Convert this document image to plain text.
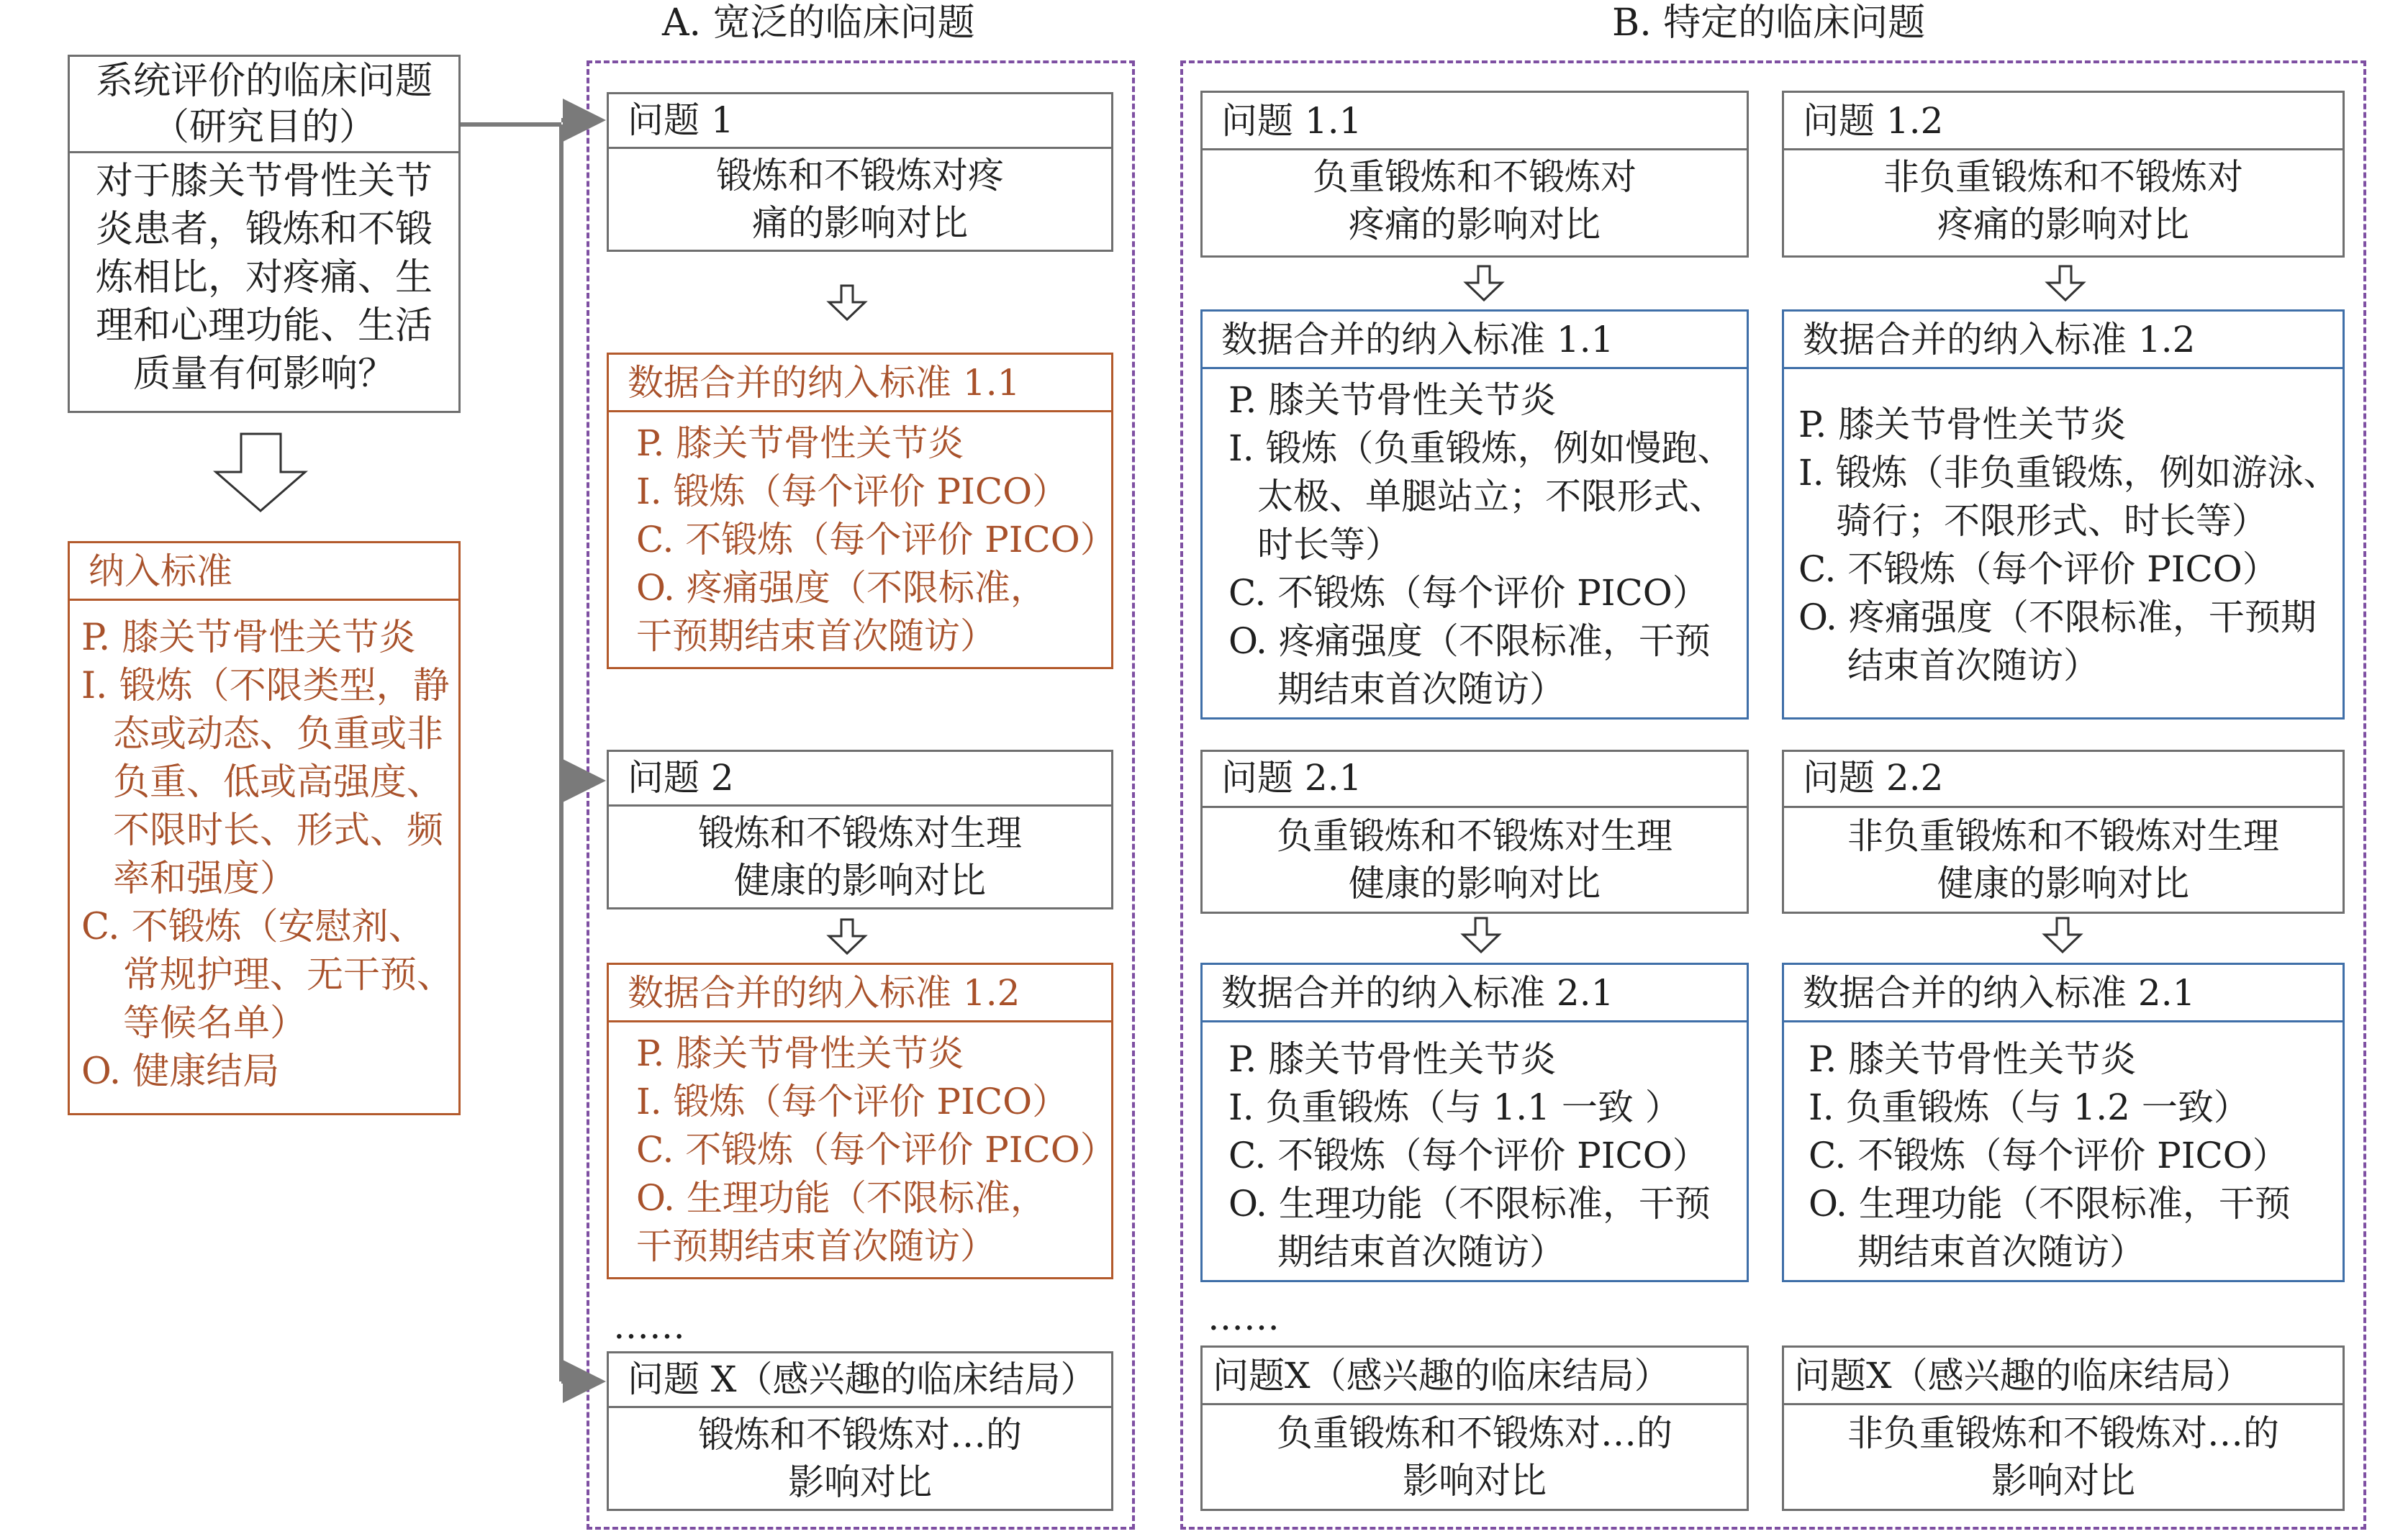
A. 宽泛的临床问题	B. 特定的临床问题
系统评价的临床问题
（研究目的）
对于膝关节骨性关节
炎患者，锻炼和不锻
炼相比，对疼痛、生
理和心理功能、生活
质量有何影响？
纳入标准
P. 膝关节骨性关节炎
I. 锻炼（不限类型，静
态或动态、负重或非
负重、低或高强度、
不限时长、形式、频
率和强度）
C. 不锻炼（安慰剂、
常规护理、无干预、
等候名单）
O. 健康结局
问题 1
锻炼和不锻炼对疼
痛的影响对比
数据合并的纳入标准 1.1
P. 膝关节骨性关节炎
I. 锻炼（每个评价 PICO）
C. 不锻炼（每个评价 PICO）
O. 疼痛强度（不限标准，
干预期结束首次随访）
问题 2
锻炼和不锻炼对生理
健康的影响对比
数据合并的纳入标准 1.2
P. 膝关节骨性关节炎
I. 锻炼（每个评价 PICO）
C. 不锻炼（每个评价 PICO）
O. 生理功能（不限标准，
干预期结束首次随访）
……
问题 X（感兴趣的临床结局）
锻炼和不锻炼对…的
影响对比
问题 1.1
负重锻炼和不锻炼对
疼痛的影响对比
问题 1.2
非负重锻炼和不锻炼对
疼痛的影响对比
数据合并的纳入标准 1.1
P. 膝关节骨性关节炎
I. 锻炼（负重锻炼，例如慢跑、
太极、单腿站立；不限形式、
时长等）
C. 不锻炼（每个评价 PICO）
O. 疼痛强度（不限标准，干预
期结束首次随访）
数据合并的纳入标准 1.2
P. 膝关节骨性关节炎
I. 锻炼（非负重锻炼，例如游泳、
骑行；不限形式、时长等）
C. 不锻炼（每个评价 PICO）
O. 疼痛强度（不限标准，干预期
结束首次随访）
问题 2.1
负重锻炼和不锻炼对生理
健康的影响对比
问题 2.2
非负重锻炼和不锻炼对生理
健康的影响对比
数据合并的纳入标准 2.1
P. 膝关节骨性关节炎
I. 负重锻炼（与 1.1 一致 ）
C. 不锻炼（每个评价 PICO）
O. 生理功能（不限标准，干预
期结束首次随访）
数据合并的纳入标准 2.1
P. 膝关节骨性关节炎
I. 负重锻炼（与 1.2 一致）
C. 不锻炼（每个评价 PICO）
O. 生理功能（不限标准，干预
期结束首次随访）
……
问题X（感兴趣的临床结局）
负重锻炼和不锻炼对…的
影响对比
问题X（感兴趣的临床结局）
非负重锻炼和不锻炼对…的
影响对比
